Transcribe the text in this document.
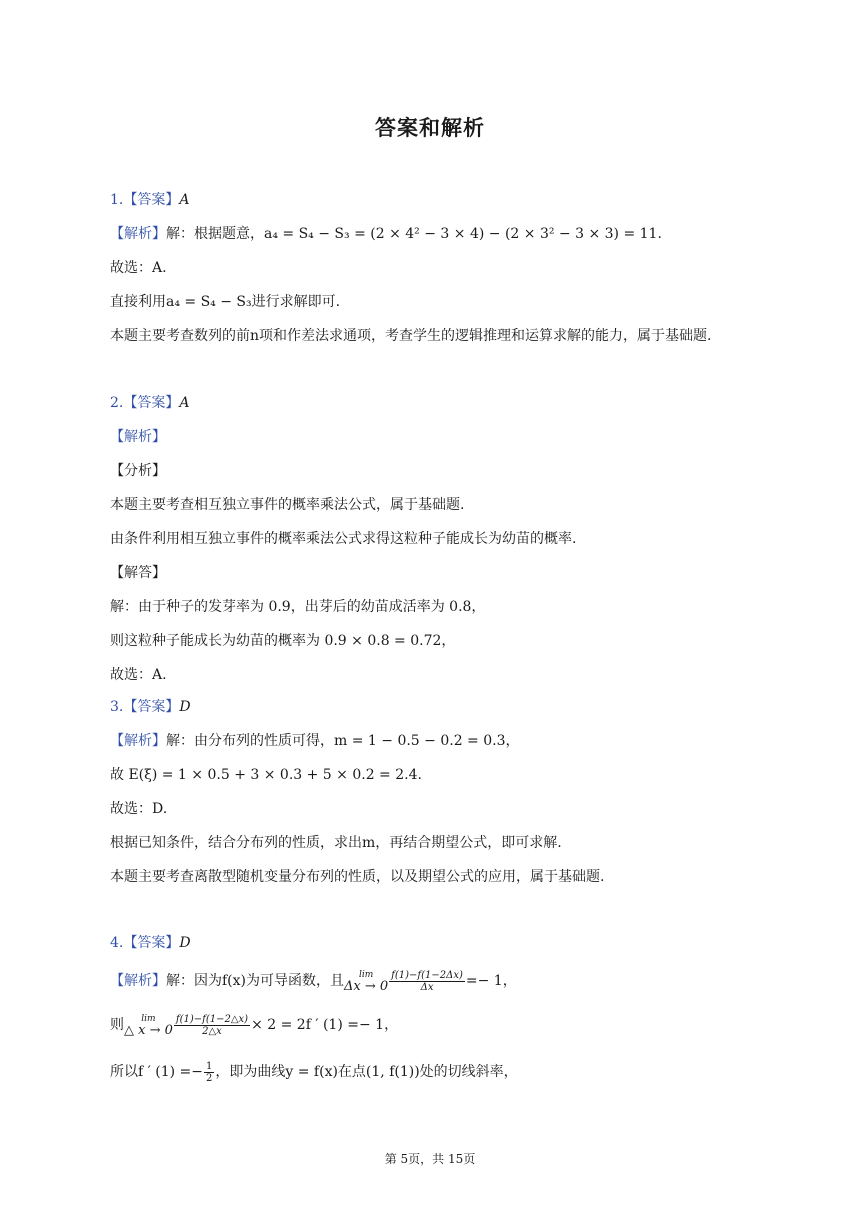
答案和解析
1.【答案】A
【解析】解：根据题意，a₄ = S₄ − S₃ = (2 × 4² − 3 × 4) − (2 × 3² − 3 × 3) = 11.
故选：A.
直接利用a₄ = S₄ − S₃进行求解即可.
本题主要考查数列的前n项和作差法求通项，考查学生的逻辑推理和运算求解的能力，属于基础题.
2.【答案】A
【解析】
【分析】
本题主要考查相互独立事件的概率乘法公式，属于基础题.
由条件利用相互独立事件的概率乘法公式求得这粒种子能成长为幼苗的概率.
【解答】
解：由于种子的发芽率为 0.9，出芽后的幼苗成活率为 0.8，
则这粒种子能成长为幼苗的概率为 0.9 × 0.8 = 0.72，
故选：A.
3.【答案】D
【解析】解：由分布列的性质可得，m = 1 − 0.5 − 0.2 = 0.3，
故 E(ξ) = 1 × 0.5 + 3 × 0.3 + 5 × 0.2 = 2.4.
故选：D.
根据已知条件，结合分布列的性质，求出m，再结合期望公式，即可求解.
本题主要考查离散型随机变量分布列的性质，以及期望公式的应用，属于基础题.
4.【答案】D
【解析】解：因为f(x)为可导函数，且	lim
$\Delta x \to 0 \frac{f(1)-f(1-2\Delta x)}{\Delta x} =- 1$，
则	lim
△ $x \to 0 \frac{f(1)-f(1-2\triangle x)}{2\triangle x} \times 2 = 2f$ ′ (1) =− 1，
所以f ′ $(1) =- \frac{1}{2}$ ，即为曲线y = f(x)在点(1, f(1))处的切线斜率，
第 5页，共 15页
